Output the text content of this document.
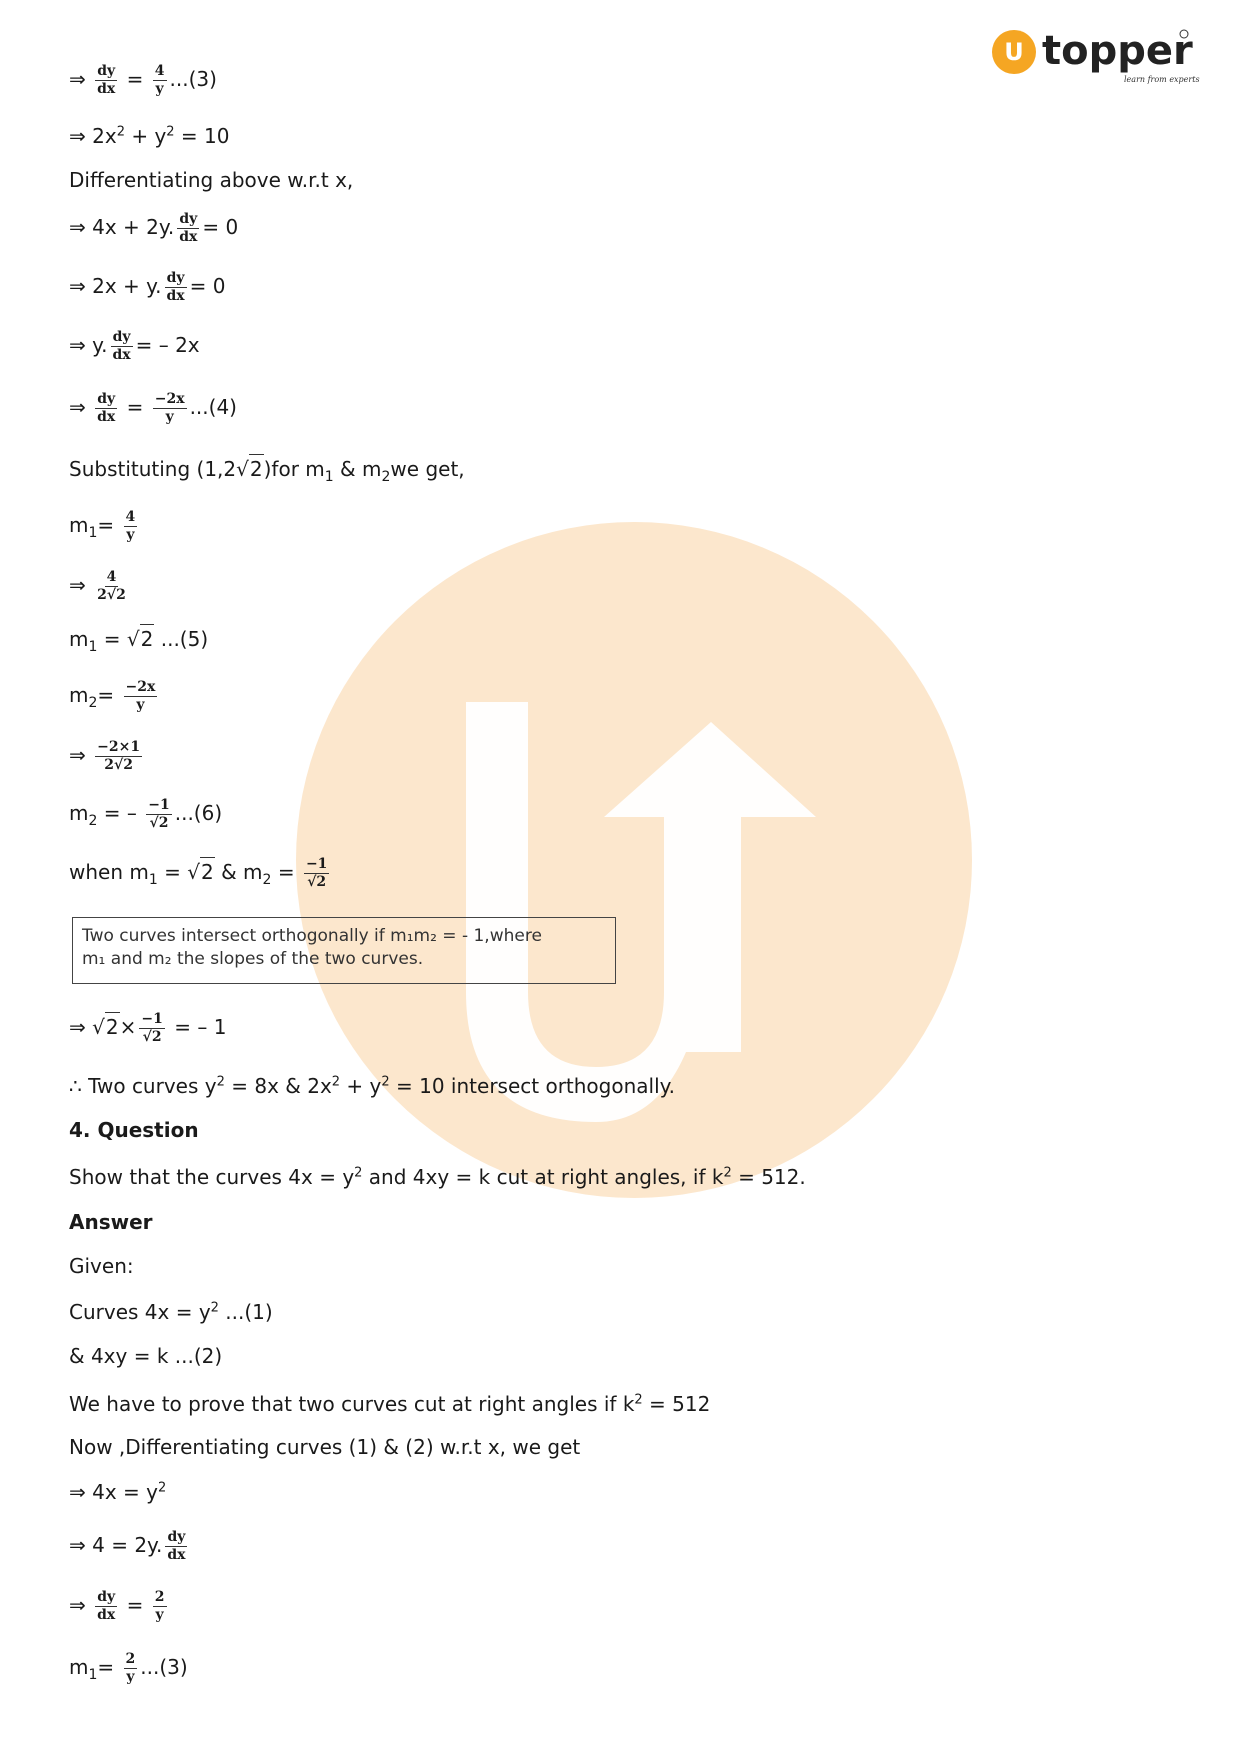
U topper
learn from experts
⇒ $\frac{dy}{dx} = \frac{4}{y} ...(3)$
⇒ $2x^2 + y^2 = 10$
Differentiating above w.r.t x,
⇒ 4x + 2y. $\frac{dy}{dx} = 0$
⇒ 2x + y. $\frac{dy}{dx} = 0$
⇒ y. $\frac{dy}{dx}$ = – 2x
⇒ $\frac{dy}{dx} = \frac{-2x}{y} ...(4)$
Substituting (1,2√2)for $m_1$ & $m_2we$ get,
$m_1= \frac{4}{y}$
⇒ $\frac{4}{2√2}$
$m_1 = √2$ ...(5)
$m_2= \frac{-2x}{y}$
⇒ $\frac{-2\times 1}{2√2}$
$m_2$ = – $\frac{-1}{√2} ...(6)$
when $m_1 = √2$ & $m_2 = \frac{-1}{√2}$
Two curves intersect orthogonally if m₁m₂ = - 1,where
m₁ and m₂ the slopes of the two curves.
⇒ $√2\times \frac{-1}{√2}$ = – 1
∴ Two curves $y^2 = 8x$ & $2x^2 + y^2 = 10$ intersect orthogonally.
4. Question
Show that the curves $4x = y^2$ and 4xy = k cut at right angles, if $k^2 = 512$.
Answer
Given:
Curves $4x = y^2$ ...(1)
& 4xy = k ...(2)
We have to prove that two curves cut at right angles if $k^2 = 512$
Now ,Differentiating curves (1) & (2) w.r.t x, we get
⇒ $4x = y^2$
⇒ 4 = 2y. $\frac{dy}{dx}$
⇒ $\frac{dy}{dx} = \frac{2}{y}$
$m_1= \frac{2}{y} ...(3)$
